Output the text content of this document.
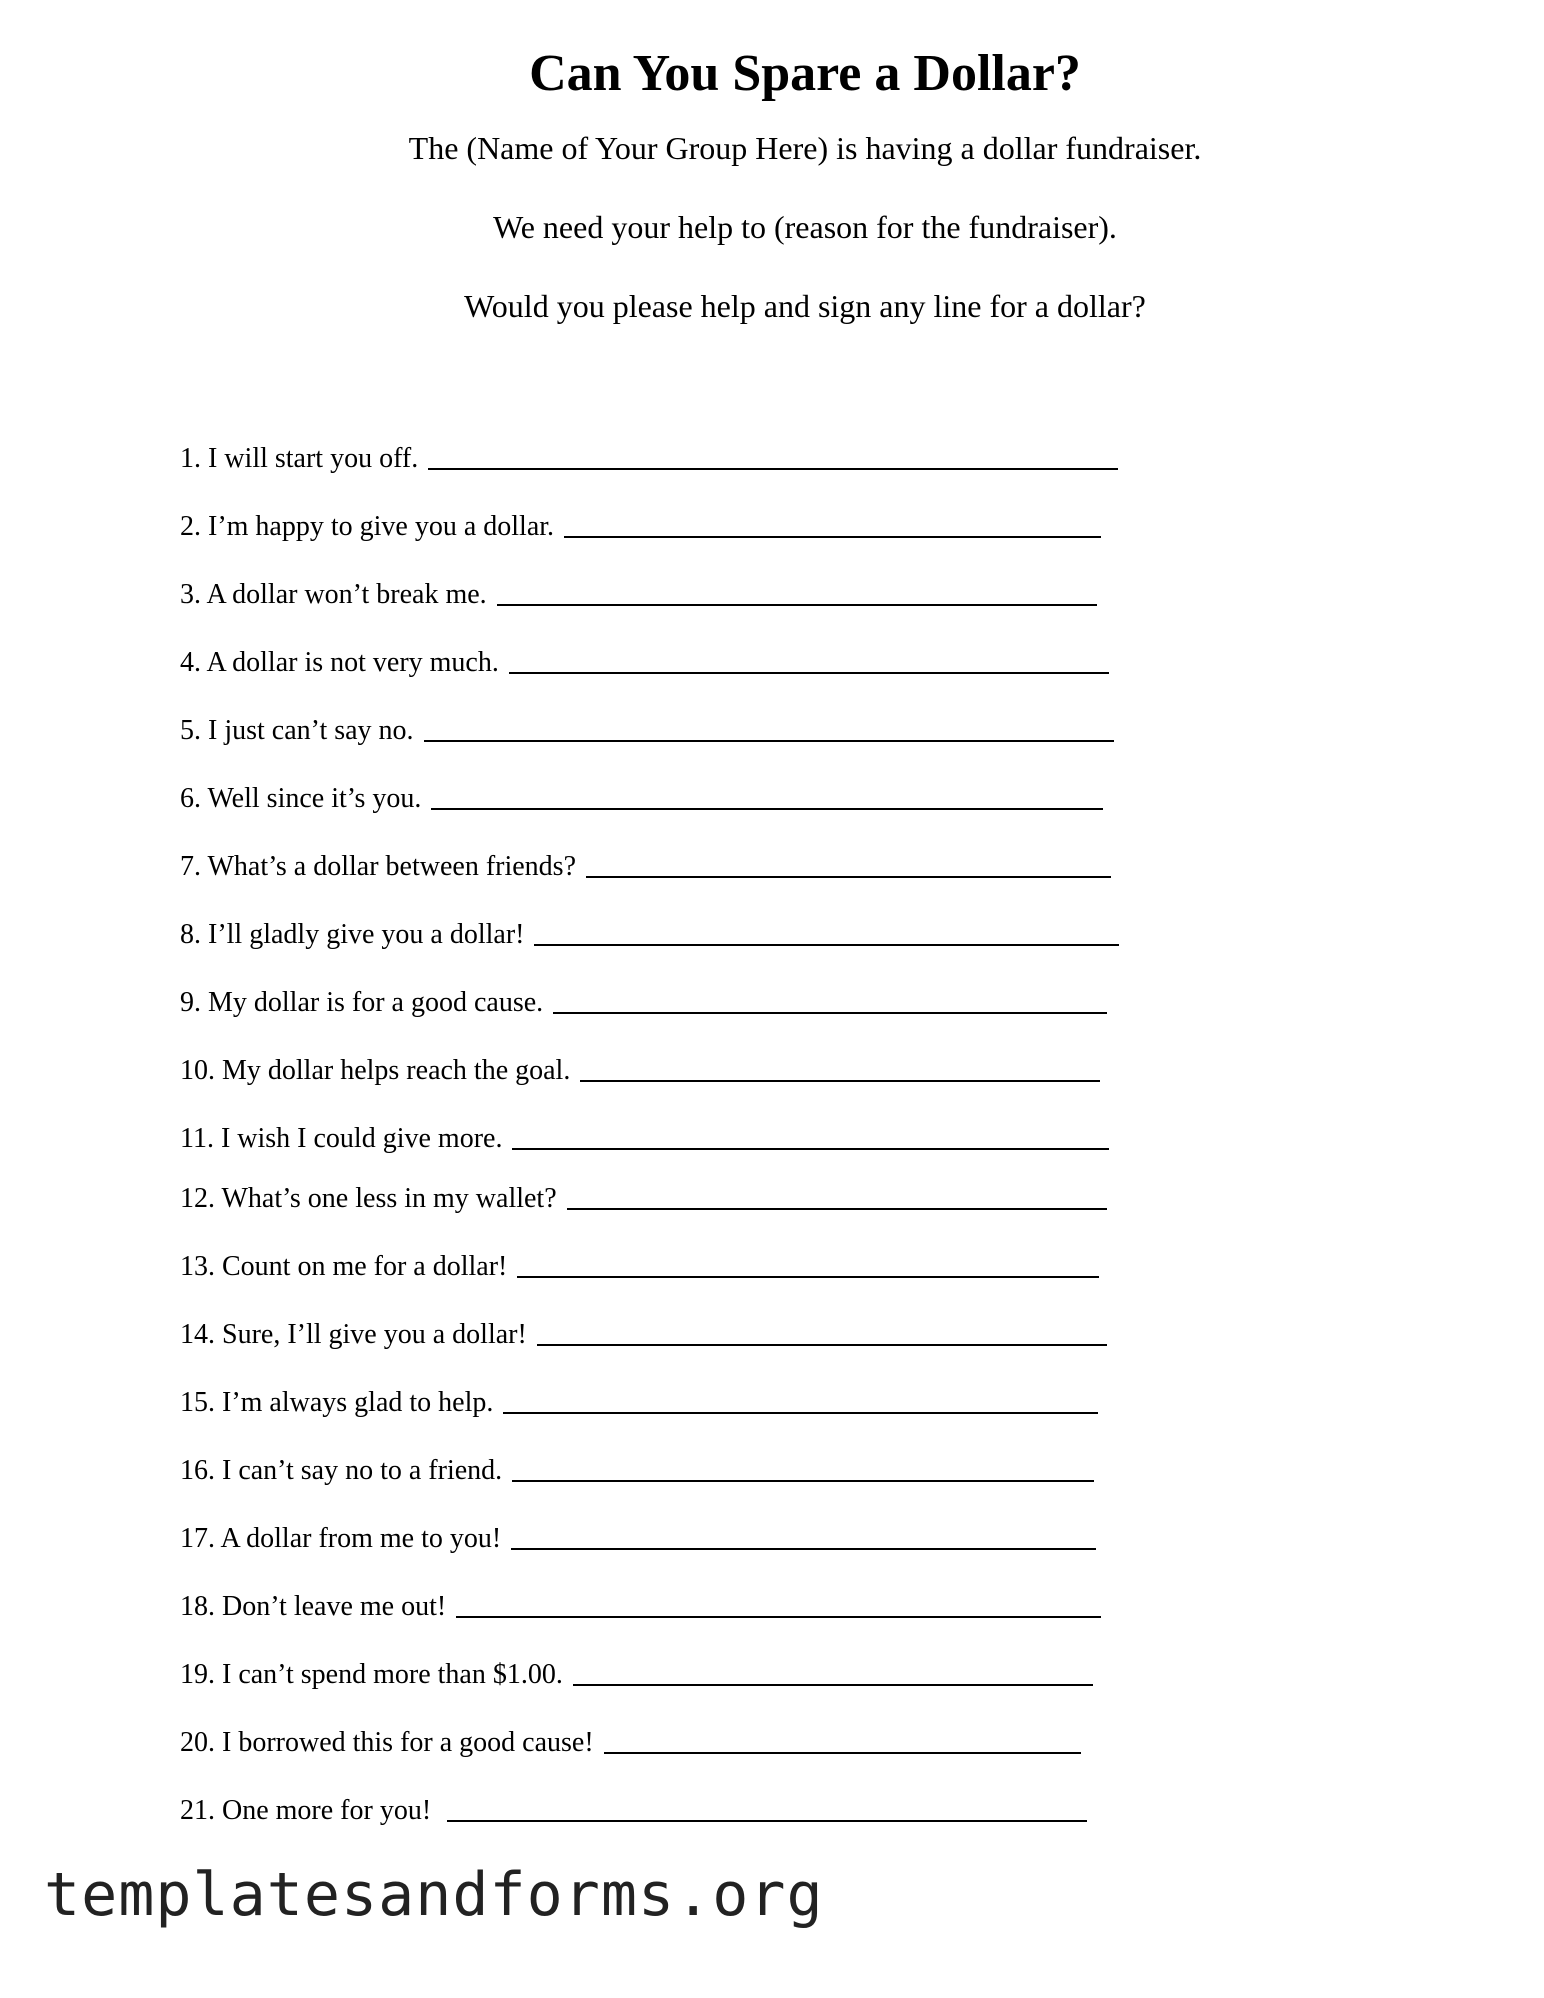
Can You Spare a Dollar?

The (Name of Your Group Here) is having a dollar fundraiser.

We need your help to (reason for the fundraiser).

Would you please help and sign any line for a dollar?

1. I will start you off.
2. I’m happy to give you a dollar.
3. A dollar won’t break me.
4. A dollar is not very much.
5. I just can’t say no.
6. Well since it’s you.
7. What’s a dollar between friends?
8. I’ll gladly give you a dollar!
9. My dollar is for a good cause.
10. My dollar helps reach the goal.
11. I wish I could give more.
12. What’s one less in my wallet?
13. Count on me for a dollar!
14. Sure, I’ll give you a dollar!
15. I’m always glad to help.
16. I can’t say no to a friend.
17. A dollar from me to you!
18. Don’t leave me out!
19. I can’t spend more than $1.00.
20. I borrowed this for a good cause!
21. One more for you!

templatesandforms.org
